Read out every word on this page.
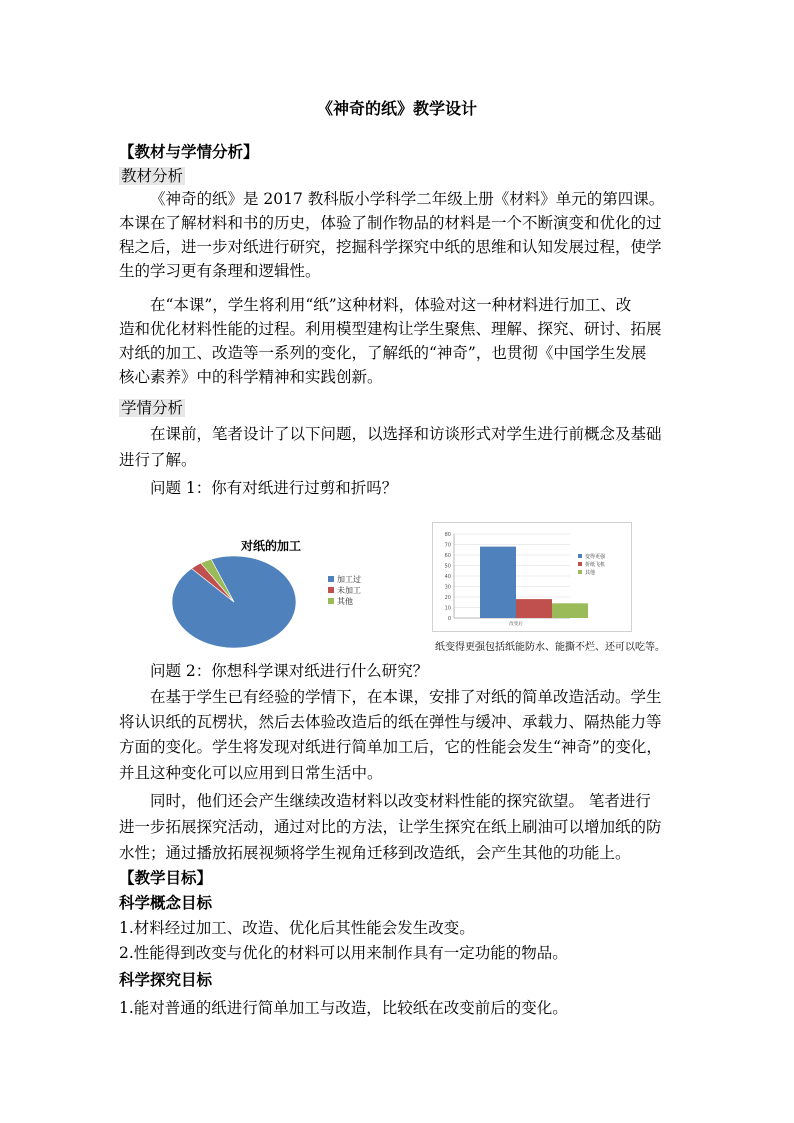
《神奇的纸》教学设计
【教材与学情分析】
教材分析
《神奇的纸》是 2017 教科版小学科学二年级上册《材料》单元的第四课。
本课在了解材料和书的历史，体验了制作物品的材料是一个不断演变和优化的过
程之后，进一步对纸进行研究，挖掘科学探究中纸的思维和认知发展过程，使学
生的学习更有条理和逻辑性。
在“本课”，学生将利用“纸”这种材料，体验对这一种材料进行加工、改
造和优化材料性能的过程。利用模型建构让学生聚焦、理解、探究、研讨、拓展
对纸的加工、改造等一系列的变化，了解纸的“神奇”，也贯彻《中国学生发展
核心素养》中的科学精神和实践创新。
学情分析
在课前，笔者设计了以下问题，以选择和访谈形式对学生进行前概念及基础
进行了解。
问题 1：你有对纸进行过剪和折吗？
对纸的加工
加工过
未加工
其他
0
10
20
30
40
50
60
70
80
改变后
变得更强
折纸飞机
其他
纸变得更强包括纸能防水、能撕不烂、还可以吃等。
问题 2：你想科学课对纸进行什么研究？
在基于学生已有经验的学情下，在本课，安排了对纸的简单改造活动。学生
将认识纸的瓦楞状，然后去体验改造后的纸在弹性与缓冲、承载力、隔热能力等
方面的变化。学生将发现对纸进行简单加工后，它的性能会发生“神奇”的变化，
并且这种变化可以应用到日常生活中。
同时，他们还会产生继续改造材料以改变材料性能的探究欲望。 笔者进行
进一步拓展探究活动，通过对比的方法，让学生探究在纸上刷油可以增加纸的防
水性；通过播放拓展视频将学生视角迁移到改造纸，会产生其他的功能上。
【教学目标】
科学概念目标
1.材料经过加工、改造、优化后其性能会发生改变。
2.性能得到改变与优化的材料可以用来制作具有一定功能的物品。
科学探究目标
1.能对普通的纸进行简单加工与改造，比较纸在改变前后的变化。
